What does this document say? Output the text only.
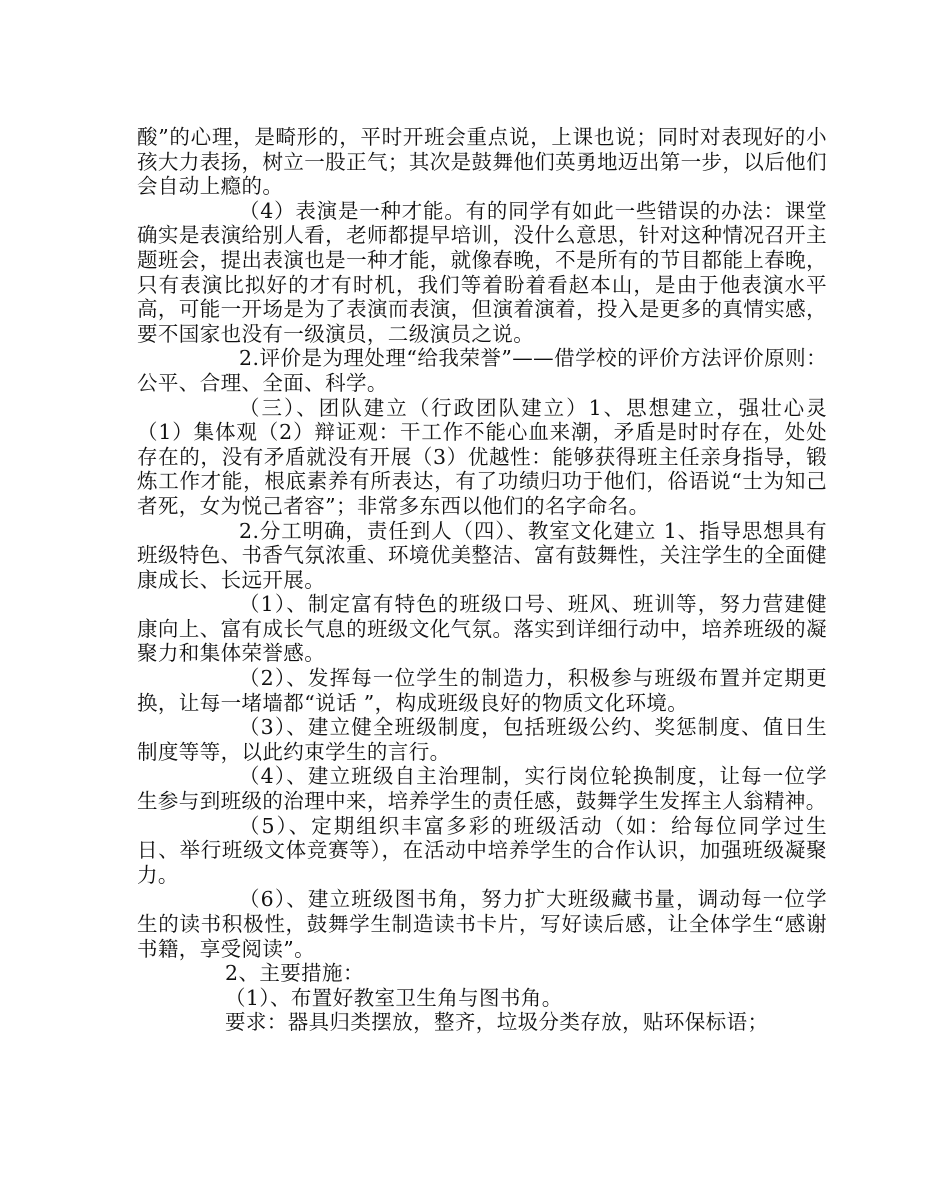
酸”的心理，是畸形的，平时开班会重点说，上课也说；同时对表现好的小孩大力表扬，树立一股正气；其次是鼓舞他们英勇地迈出第一步，以后他们会自动上瘾的。

（4）表演是一种才能。有的同学有如此一些错误的办法：课堂确实是表演给别人看，老师都提早培训，没什么意思，针对这种情况召开主题班会，提出表演也是一种才能，就像春晚，不是所有的节目都能上春晚，只有表演比拟好的才有时机，我们等着盼着看赵本山，是由于他表演水平高，可能一开场是为了表演而表演，但演着演着，投入是更多的真情实感，要不国家也没有一级演员，二级演员之说。

2.评价是为理处理“给我荣誉”——借学校的评价方法评价原则：公平、合理、全面、科学。

（三）、团队建立（行政团队建立）1、思想建立，强壮心灵（1）集体观（2）辩证观：干工作不能心血来潮，矛盾是时时存在，处处存在的，没有矛盾就没有开展（3）优越性：能够获得班主任亲身指导，锻炼工作才能，根底素养有所表达，有了功绩归功于他们，俗语说“士为知己者死，女为悦己者容”；非常多东西以他们的名字命名。

2.分工明确，责任到人（四）、教室文化建立 1、指导思想具有班级特色、书香气氛浓重、环境优美整洁、富有鼓舞性，关注学生的全面健康成长、长远开展。

（1）、制定富有特色的班级口号、班风、班训等，努力营建健康向上、富有成长气息的班级文化气氛。落实到详细行动中，培养班级的凝聚力和集体荣誉感。

（2）、发挥每一位学生的制造力，积极参与班级布置并定期更换，让每一堵墙都“说话 ”，构成班级良好的物质文化环境。

（3）、建立健全班级制度，包括班级公约、奖惩制度、值日生制度等等，以此约束学生的言行。

（4）、建立班级自主治理制，实行岗位轮换制度，让每一位学生参与到班级的治理中来，培养学生的责任感，鼓舞学生发挥主人翁精神。

（5）、定期组织丰富多彩的班级活动（如：给每位同学过生日、举行班级文体竞赛等），在活动中培养学生的合作认识，加强班级凝聚力。

（6）、建立班级图书角，努力扩大班级藏书量，调动每一位学生的读书积极性，鼓舞学生制造读书卡片，写好读后感，让全体学生“感谢书籍，享受阅读”。

2、主要措施：

（1）、布置好教室卫生角与图书角。

要求：器具归类摆放，整齐，垃圾分类存放，贴环保标语；
